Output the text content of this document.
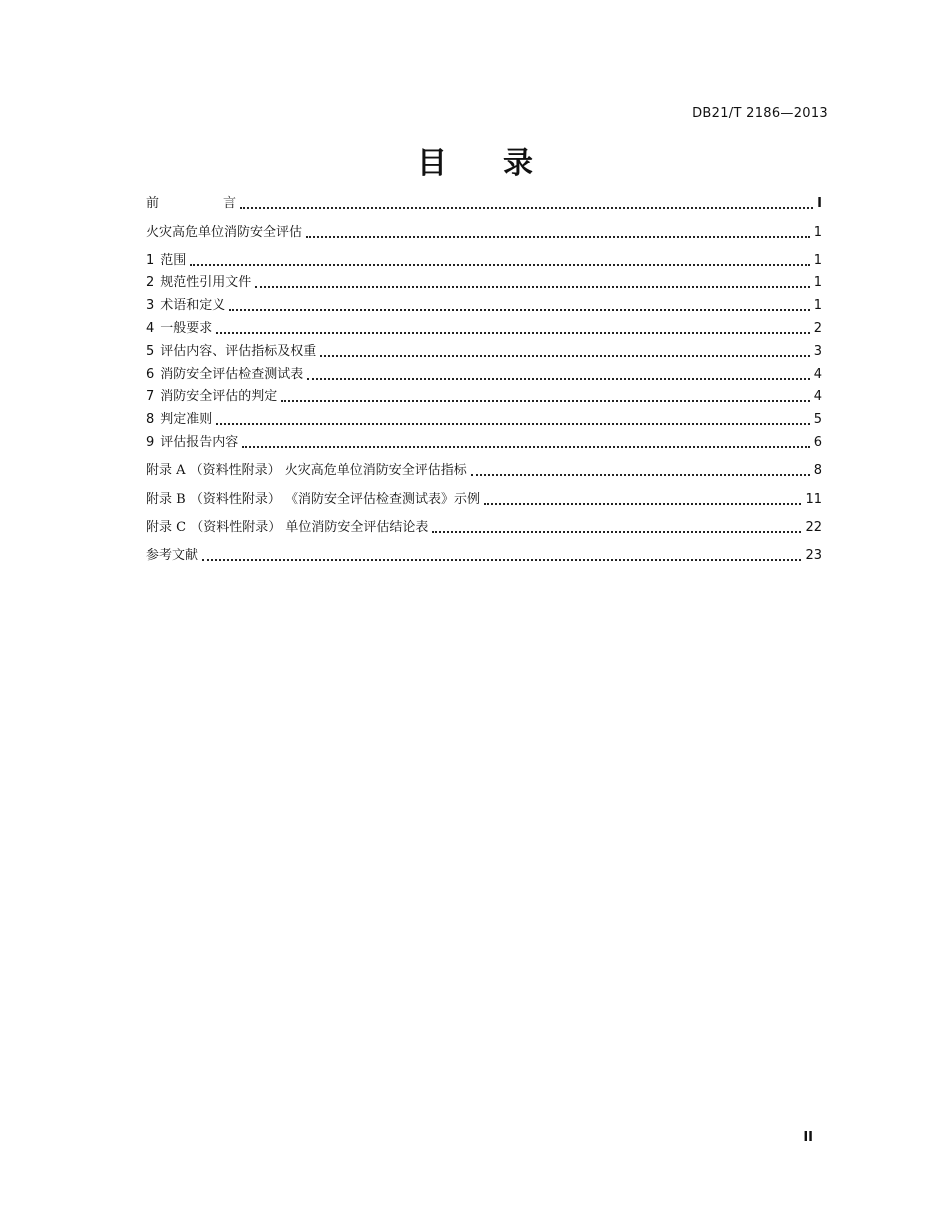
DB21/T 2186—2013
目 录
前	言	Ⅰ
火灾高危单位消防安全评估	1
1 范围	1
2 规范性引用文件	1
3 术语和定义	1
4 一般要求	2
5 评估内容、评估指标及权重	3
6 消防安全评估检查测试表	4
7 消防安全评估的判定	4
8 判定准则	5
9 评估报告内容	6
附录 A （资料性附录） 火灾高危单位消防安全评估指标	8
附录 B （资料性附录） 《消防安全评估检查测试表》示例	11
附录 C （资料性附录） 单位消防安全评估结论表	22
参考文献	23
II
